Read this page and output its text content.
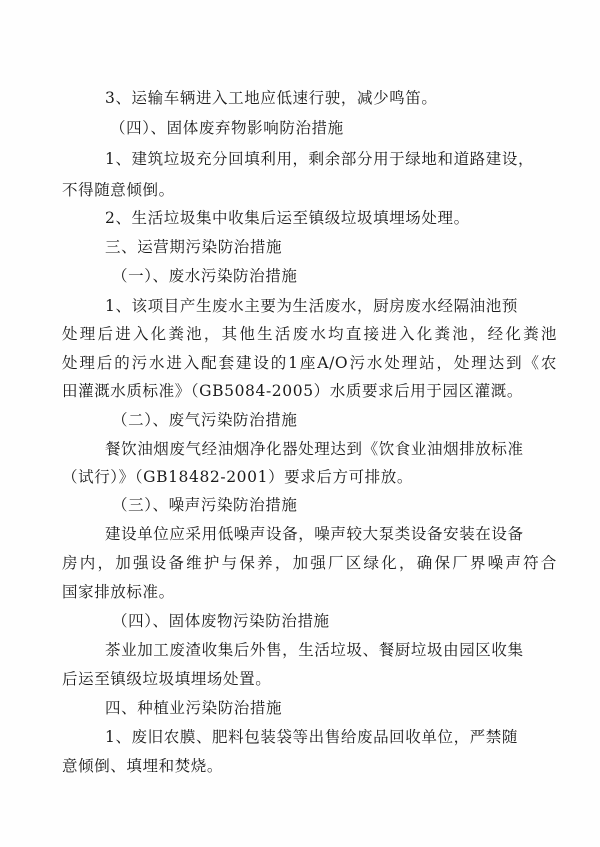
3、运输车辆进入工地应低速行驶，减少鸣笛。
（四）、固体废弃物影响防治措施
1、建筑垃圾充分回填利用，剩余部分用于绿地和道路建设，
不得随意倾倒。
2、生活垃圾集中收集后运至镇级垃圾填埋场处理。
三、运营期污染防治措施
（一）、废水污染防治措施
1、该项目产生废水主要为生活废水，厨房废水经隔油池预
处理后进入化粪池，其他生活废水均直接进入化粪池，经化粪池
处理后的污水进入配套建设的1座A/O污水处理站，处理达到《农
田灌溉水质标准》（GB5084-2005）水质要求后用于园区灌溉。
（二）、废气污染防治措施
餐饮油烟废气经油烟净化器处理达到《饮食业油烟排放标准
（试行）》（GB18482-2001）要求后方可排放。
（三）、噪声污染防治措施
建设单位应采用低噪声设备，噪声较大泵类设备安装在设备
房内，加强设备维护与保养，加强厂区绿化，确保厂界噪声符合
国家排放标准。
（四）、固体废物污染防治措施
茶业加工废渣收集后外售，生活垃圾、餐厨垃圾由园区收集
后运至镇级垃圾填埋场处置。
四、种植业污染防治措施
1、废旧农膜、肥料包装袋等出售给废品回收单位，严禁随
意倾倒、填埋和焚烧。
